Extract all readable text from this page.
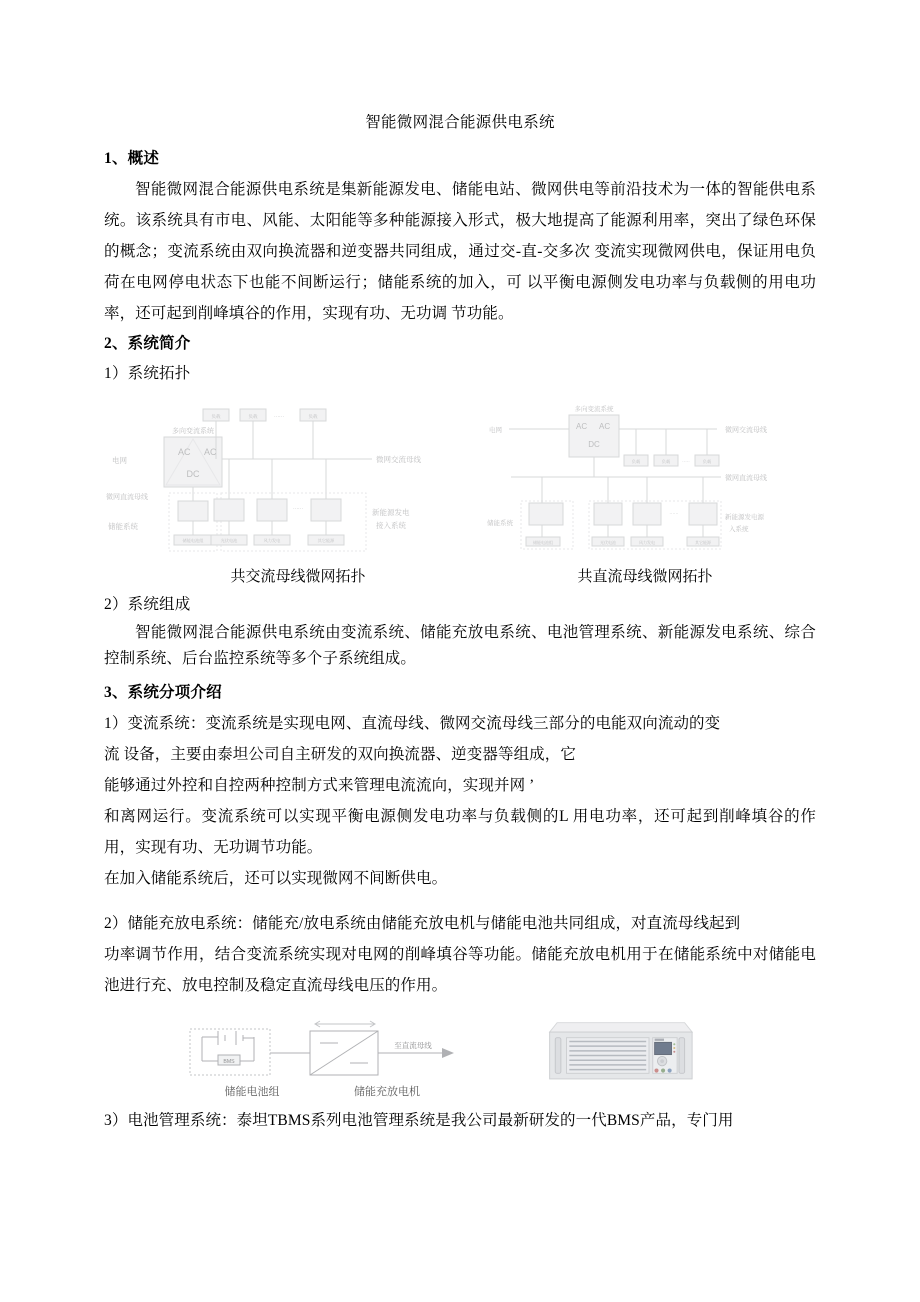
智能微网混合能源供电系统
1、概述

智能微网混合能源供电系统是集新能源发电、储能电站、微网供电等前沿技术为一体的智能供电系统。该系统具有市电、风能、太阳能等多种能源接入形式，极大地提高了能源利用率，突出了绿色环保的概念；变流系统由双向换流器和逆变器共同组成，通过交-直-交多次 变流实现微网供电，保证用电负荷在电网停电状态下也能不间断运行；储能系统的加入，可 以平衡电源侧发电功率与负载侧的用电功率，还可起到削峰填谷的作用，实现有功、无功调 节功能。

2、系统简介
1）系统拓扑
多向变流系统
AC AC
DC
电网
微网直流母线
储能系统
微网交流母线
新能源发电
接入系统
负载	负载	负载
······
······
储能电池组	光伏电池	风力发电	其它能源
多向变流系统
AC AC
DC
电网	微网交流母线
微网直流母线
储能系统
新能源发电源
入系统
负载	负载	负载
·····
······
储能电池组	光伏电池	风力发电	其它能源
共交流母线微网拓扑	共直流母线微网拓扑
2）系统组成

智能微网混合能源供电系统由变流系统、储能充放电系统、电池管理系统、新能源发电系统、综合控制系统、后台监控系统等多个子系统组成。

3、系统分项介绍

1）变流系统：变流系统是实现电网、直流母线、微网交流母线三部分的电能双向流动的变

流 设备，主要由泰坦公司自主研发的双向换流器、逆变器等组成，它

能够通过外控和自控两种控制方式来管理电流流向，实现并网 ’

和离网运行。变流系统可以实现平衡电源侧发电功率与负载侧的L 用电功率，还可起到削峰填谷的作用，实现有功、无功调节功能。

在加入储能系统后，还可以实现微网不间断供电。

2）储能充放电系统：储能充/放电系统由储能充放电机与储能电池共同组成，对直流母线起到

功率调节作用，结合变流系统实现对电网的削峰填谷等功能。储能充放电机用于在储能系统中对储能电池进行充、放电控制及稳定直流母线电压的作用。

BMS
至直流母线
储能电池组	储能充放电机

3）电池管理系统：泰坦TBMS系列电池管理系统是我公司最新研发的一代BMS产品，专门用
